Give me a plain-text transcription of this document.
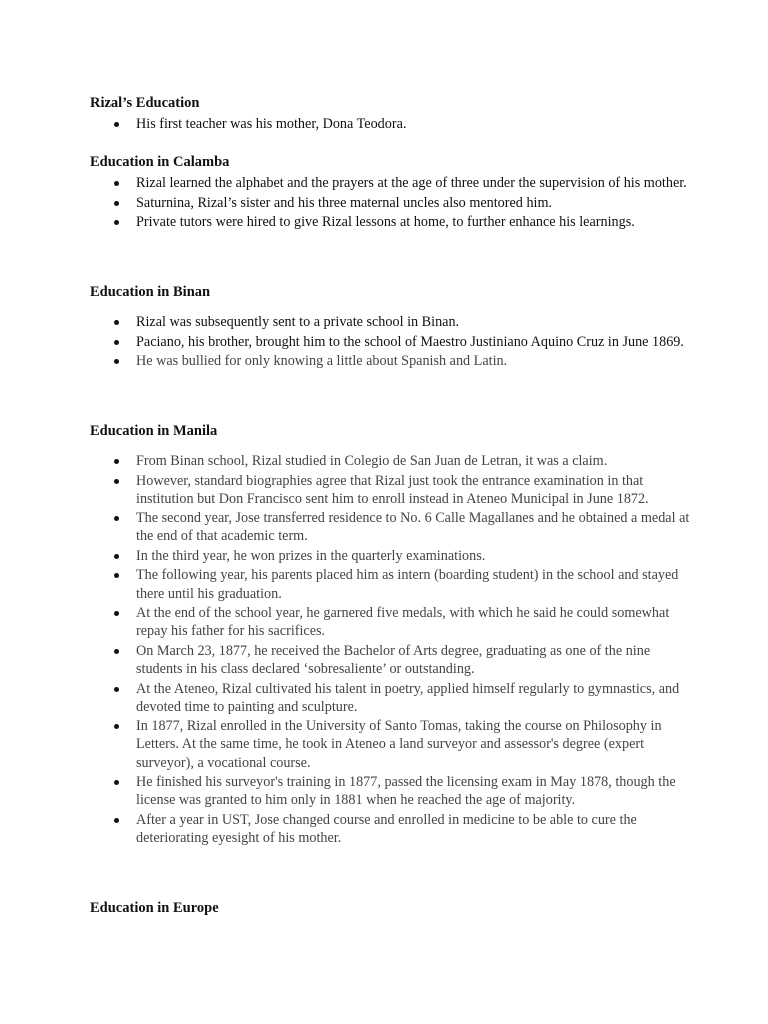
Rizal’s Education
His first teacher was his mother, Dona Teodora.
Education in Calamba
Rizal learned the alphabet and the prayers at the age of three under the supervision of his mother.
Saturnina, Rizal’s sister and his three maternal uncles also mentored him.
Private tutors were hired to give Rizal lessons at home, to further enhance his learnings.
Education in Binan
Rizal was subsequently sent to a private school in Binan.
Paciano, his brother, brought him to the school of Maestro Justiniano Aquino Cruz in June 1869.
He was bullied for only knowing a little about Spanish and Latin.
Education in Manila
From Binan school, Rizal studied in Colegio de San Juan de Letran, it was a claim.
However, standard biographies agree that Rizal just took the entrance examination in that institution but Don Francisco sent him to enroll instead in Ateneo Municipal in June 1872.
The second year, Jose transferred residence to No. 6 Calle Magallanes and he obtained a medal at the end of that academic term.
In the third year, he won prizes in the quarterly examinations.
The following year, his parents placed him as intern (boarding student) in the school and stayed there until his graduation.
At the end of the school year, he garnered five medals, with which he said he could somewhat repay his father for his sacrifices.
On March 23, 1877, he received the Bachelor of Arts degree, graduating as one of the nine students in his class declared ‘sobresaliente’ or outstanding.
At the Ateneo, Rizal cultivated his talent in poetry, applied himself regularly to gymnastics, and devoted time to painting and sculpture.
In 1877, Rizal enrolled in the University of Santo Tomas, taking the course on Philosophy in Letters. At the same time, he took in Ateneo a land surveyor and assessor's degree (expert surveyor), a vocational course.
He finished his surveyor's training in 1877, passed the licensing exam in May 1878, though the license was granted to him only in 1881 when he reached the age of majority.
After a year in UST, Jose changed course and enrolled in medicine to be able to cure the deteriorating eyesight of his mother.
Education in Europe
